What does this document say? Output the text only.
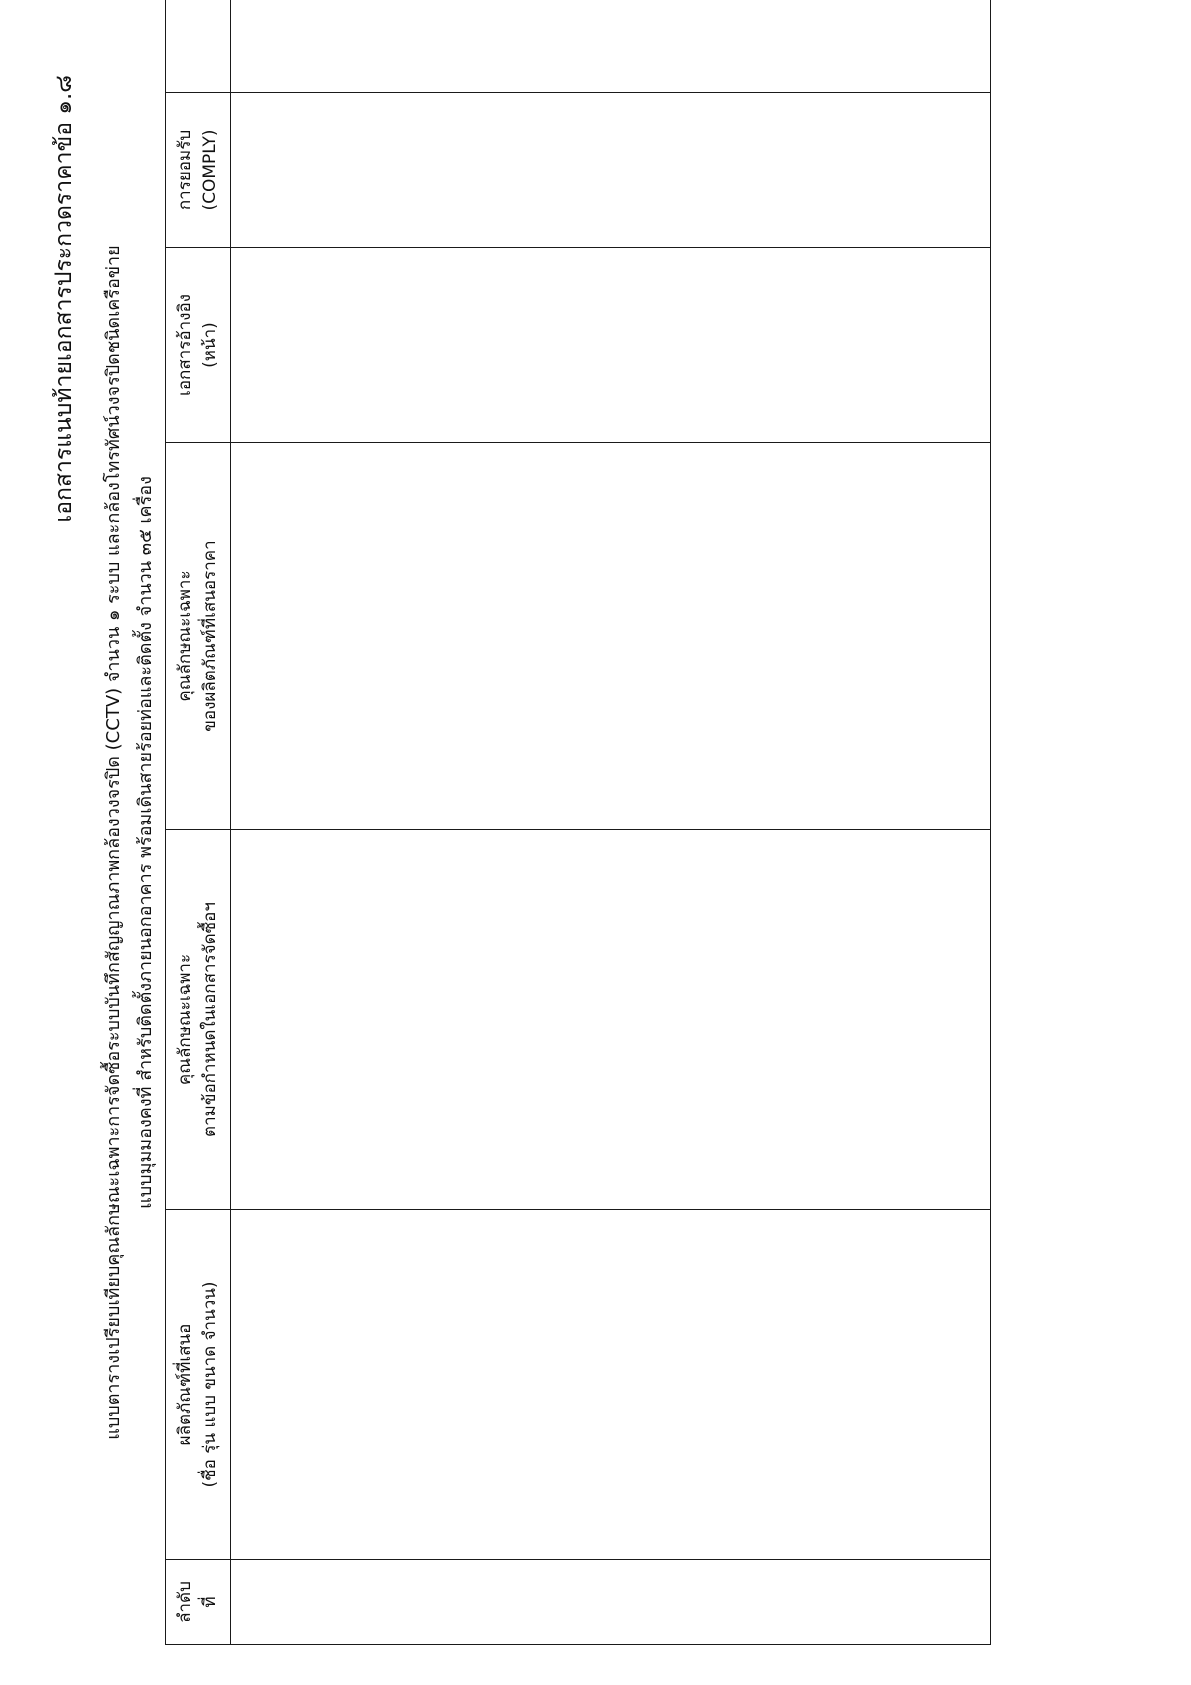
เอกสารแนบท้ายเอกสารประกวดราคาข้อ ๑.๘ แบบตารางเปรียบเทียบคุณลักษณะเฉพาะการจัดซื้อระบบบันทึกสัญญาณภาพกล้องวงจรปิด (CCTV) จำนวน ๑ ระบบ และกล้องโทรทัศน์วงจรปิดชนิดเครือข่าย แบบมุมมองคงที่ สำหรับติดตั้งภายนอกอาคาร พร้อมเดินสายร้อยท่อและติดตั้ง จำนวน ๓๕ เครื่อง
ลำดับ ที่	ผลิตภัณฑ์ที่เสนอ (ชื่อ รุ่น แบบ ขนาด จำนวน)	คุณลักษณะเฉพาะ ตามข้อกำหนดในเอกสารจัดซื้อฯ	คุณลักษณะเฉพาะ ของผลิตภัณฑ์ที่เสนอราคา	เอกสารอ้างอิง (หน้า)	การยอมรับ (COMPLY)
